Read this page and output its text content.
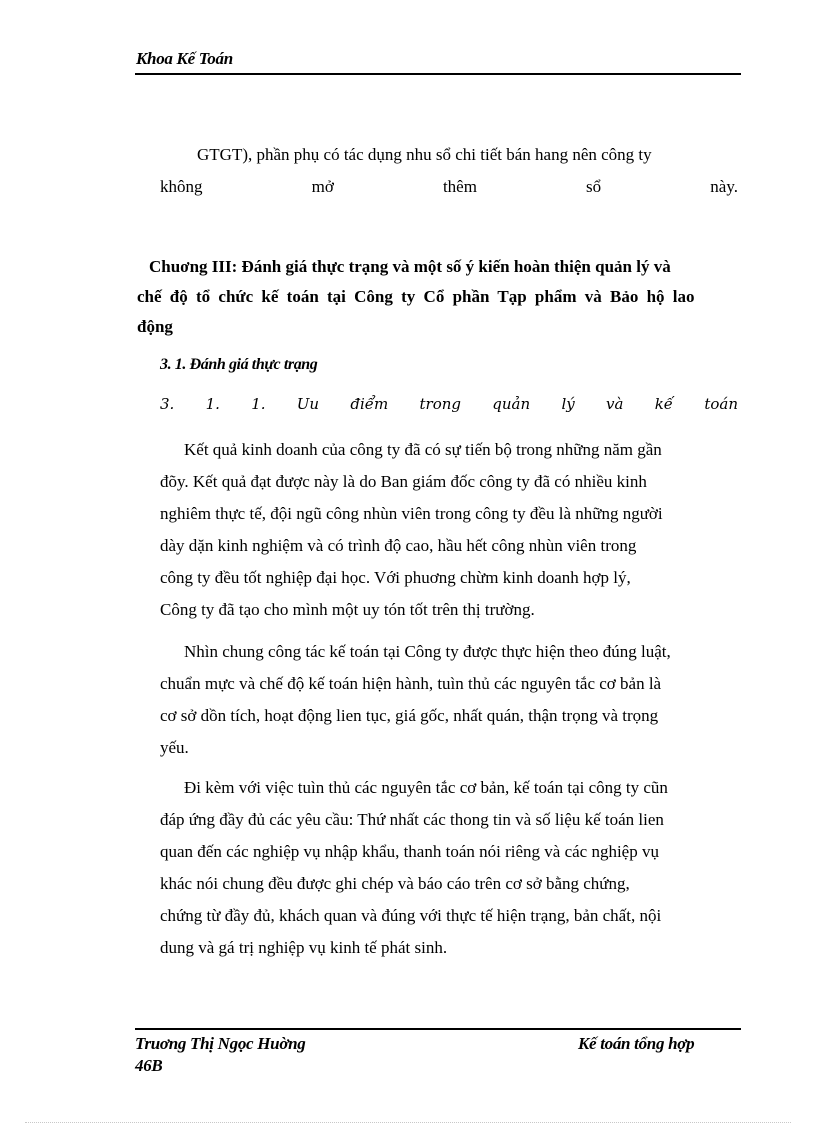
Khoa Kế Toán
GTGT), phần phụ có tác dụng nhu sổ chi tiết bán hang nên công ty
không	mở	thêm	sổ	này.
Chuơng III: Đánh giá thực trạng và một số ý kiến hoàn thiện quản lý và
chế độ tổ chức kế toán tại Công ty Cổ phần Tạp phẩm và Bảo hộ lao
động
3. 1. Đánh giá thực trạng
3. 1. 1. Uu điểm trong quản lý và kế toán
Kết quả kinh doanh của công ty đã có sự tiến bộ trong những năm gần
đõy. Kết quả đạt được này là do Ban giám đốc công ty đã có nhiều kinh
nghiêm thực tế, đội ngũ công nhùn viên trong công ty đều là những người
dày dặn kinh nghiệm và có trình độ cao, hầu hết công nhùn viên trong
công ty đều tốt nghiệp đại học. Với phuơng chừm kinh doanh hợp lý,
Công ty đã tạo cho mình một uy tón tốt trên thị trường.
Nhìn chung công tác kế toán tại Công ty được thực hiện theo đúng luật,
chuẩn mực và chế độ kế toán hiện hành, tuìn thủ các nguyên tắc cơ bản là
cơ sở dồn tích, hoạt động lien tục, giá gốc, nhất quán, thận trọng và trọng
yếu.
Đi kèm với việc tuìn thủ các nguyên tắc cơ bản, kế toán tại công ty cũn
đáp ứng đầy đủ các yêu cầu: Thứ nhất các thong tin và số liệu kế toán lien
quan đến các nghiệp vụ nhập khẩu, thanh toán nói riêng và các nghiệp vụ
khác nói chung đều được ghi chép và báo cáo trên cơ sở bằng chứng,
chứng từ đầy đủ, khách quan và đúng với thực tế hiện trạng, bản chất, nội
dung và gá trị nghiệp vụ kinh tế phát sinh.
Truơng Thị Ngọc Huờng
46B
Kế toán tổng hợp
